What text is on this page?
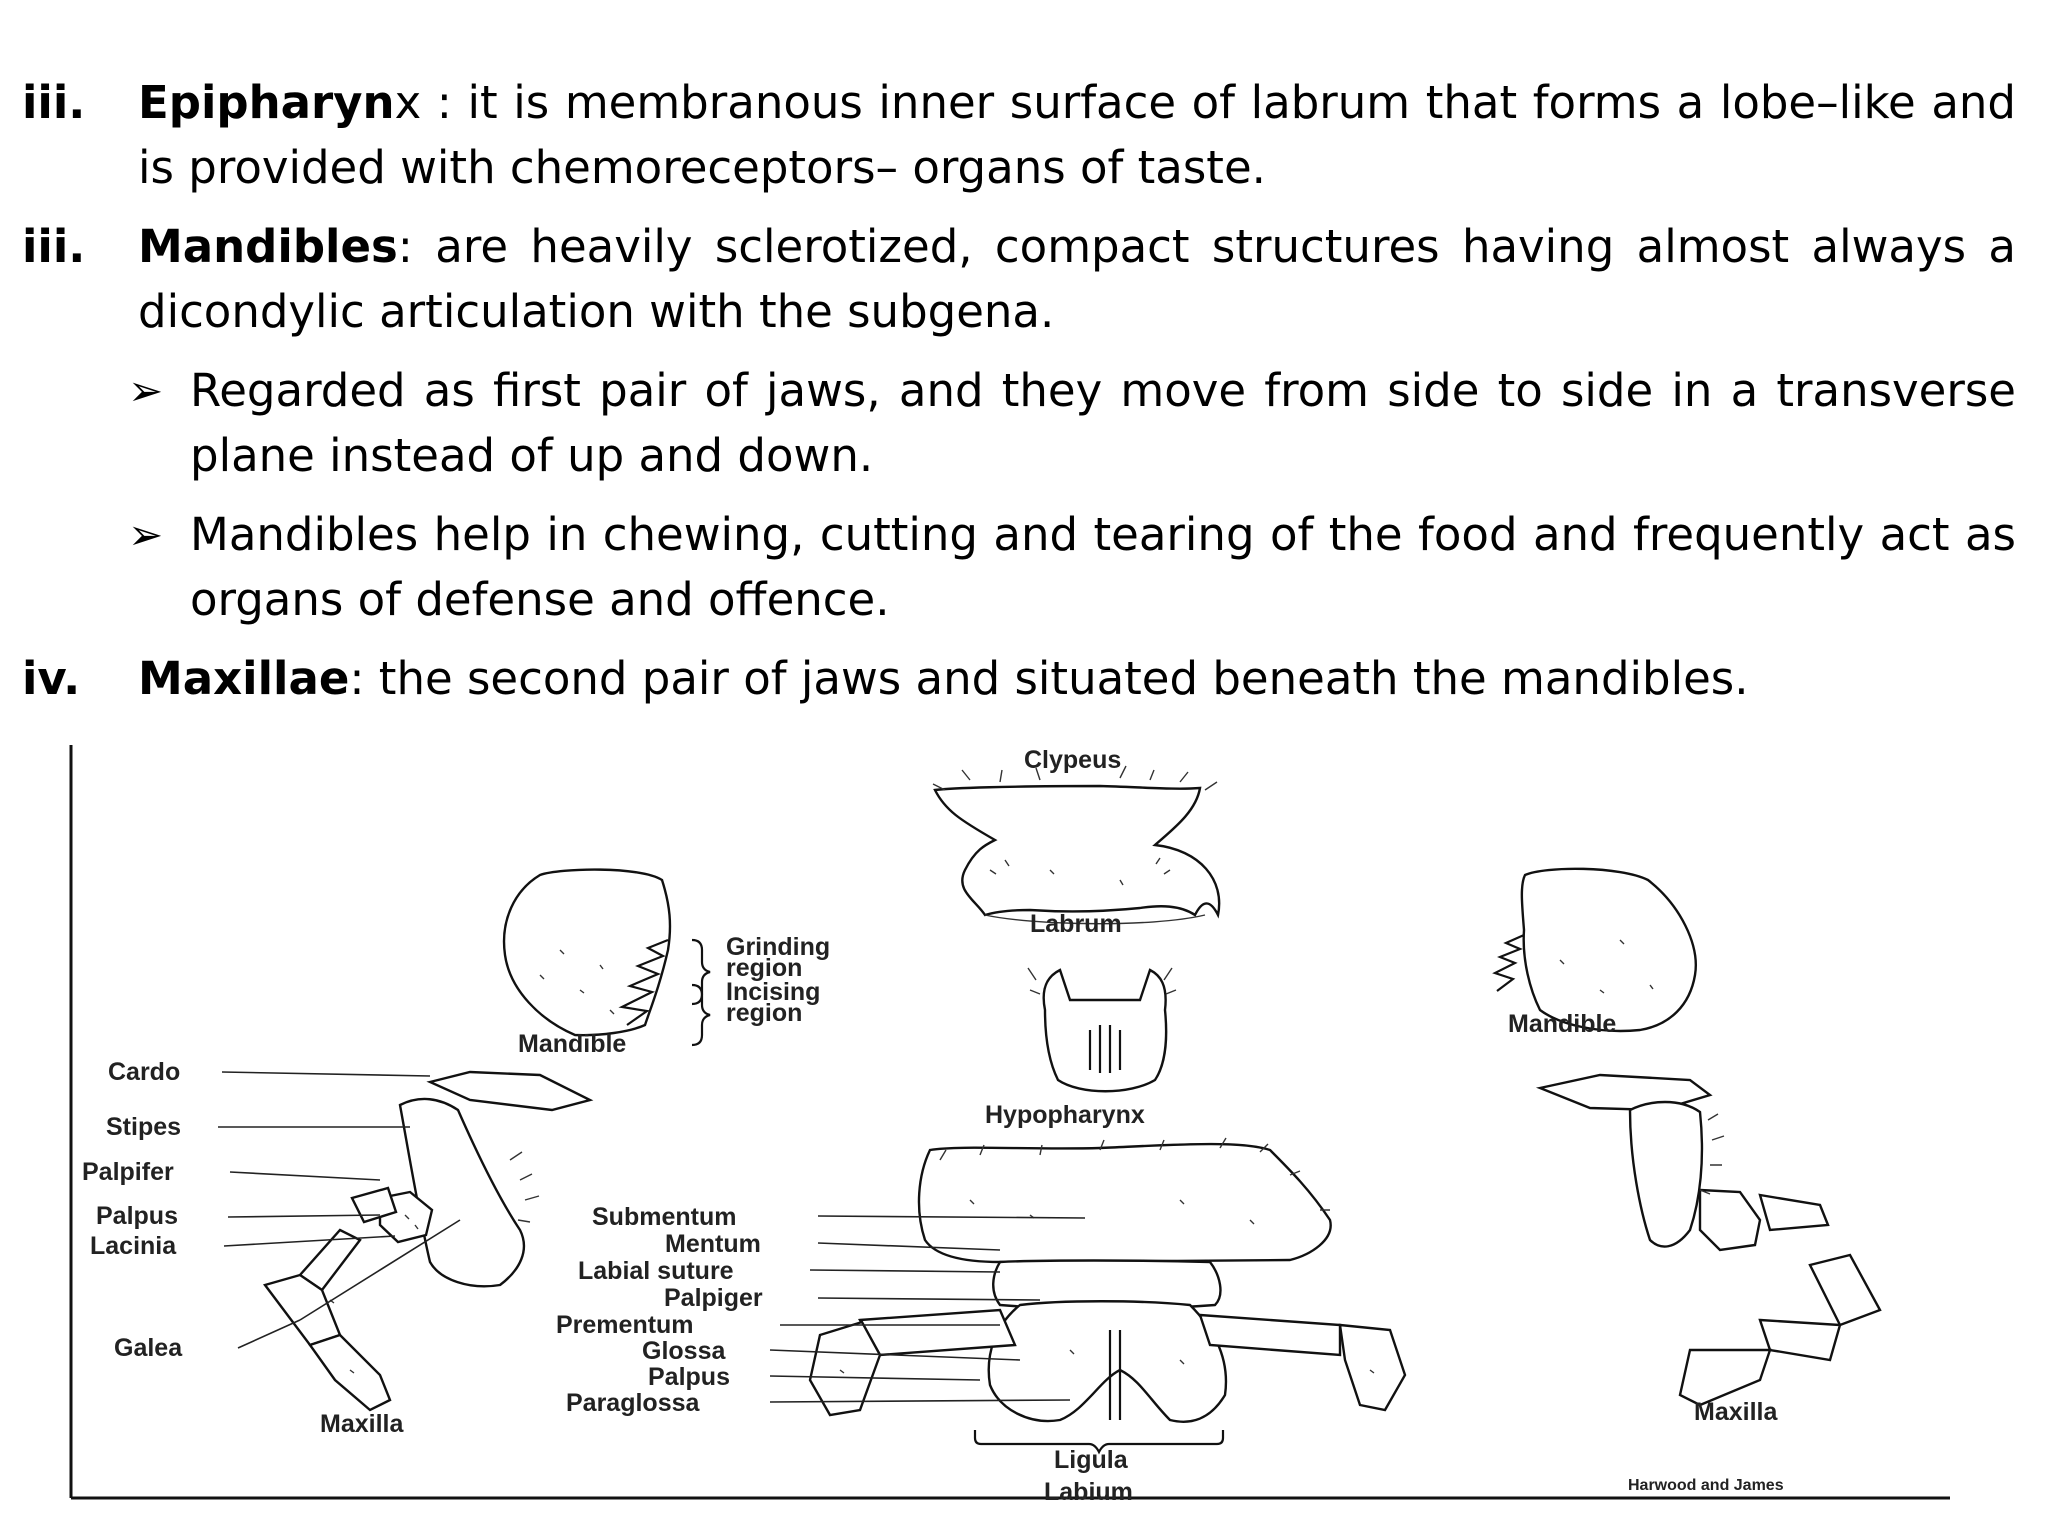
iii. Epipharynx : it is membranous inner surface of labrum that forms a lobe–like and
is provided with chemoreceptors– organs of taste.
iii. Mandibles: are heavily sclerotized, compact structures having almost always a
dicondylic articulation with the subgena.
➢ Regarded as first pair of jaws, and they move from side to side in a transverse
plane instead of up and down.
➢ Mandibles help in chewing, cutting and tearing of the food and frequently act as
organs of defense and offence.
iv. Maxillae: the second pair of jaws and situated beneath the mandibles.
Clypeus
Labrum
Mandible
Grinding
region
Incising
region	Mandible
Hypopharynx
Cardo
Stipes
Palpifer
Palpus
Lacinia
Galea
Maxilla	Maxilla
Submentum
Mentum
Labial suture
Palpiger
Prementum
Glossa
Palpus
Paraglossa
Ligula
Labium	Harwood and James
